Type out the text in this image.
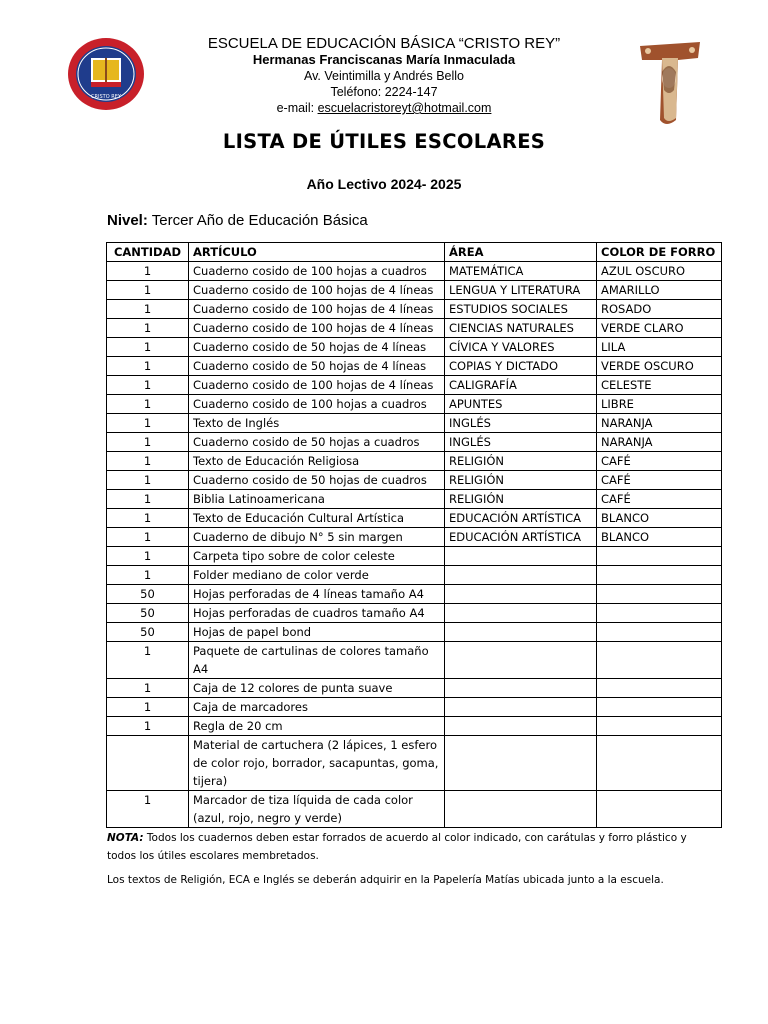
CRISTO REY
ESCUELA DE EDUCACIÓN BÁSICA “CRISTO REY”
Hermanas Franciscanas María Inmaculada
Av. Veintimilla y Andrés Bello
Teléfono: 2224-147
e-mail: escuelacristoreyt@hotmail.com
LISTA DE ÚTILES ESCOLARES
Año Lectivo 2024- 2025
Nivel: Tercer Año de Educación Básica
CANTIDAD	ARTÍCULO	ÁREA	COLOR DE FORRO
1	Cuaderno cosido de 100 hojas a cuadros	MATEMÁTICA	AZUL OSCURO
1	Cuaderno cosido de 100 hojas de 4 líneas	LENGUA Y LITERATURA	AMARILLO
1	Cuaderno cosido de 100 hojas de 4 líneas	ESTUDIOS SOCIALES	ROSADO
1	Cuaderno cosido de 100 hojas de 4 líneas	CIENCIAS NATURALES	VERDE CLARO
1	Cuaderno cosido de 50 hojas de 4 líneas	CÍVICA Y VALORES	LILA
1	Cuaderno cosido de 50 hojas de 4 líneas	COPIAS Y DICTADO	VERDE OSCURO
1	Cuaderno cosido de 100 hojas de 4 líneas	CALIGRAFÍA	CELESTE
1	Cuaderno cosido de 100 hojas a cuadros	APUNTES	LIBRE
1	Texto de Inglés	INGLÉS	NARANJA
1	Cuaderno cosido de 50 hojas a cuadros	INGLÉS	NARANJA
1	Texto de Educación Religiosa	RELIGIÓN	CAFÉ
1	Cuaderno cosido de 50 hojas de cuadros	RELIGIÓN	CAFÉ
1	Biblia Latinoamericana	RELIGIÓN	CAFÉ
1	Texto de Educación Cultural Artística	EDUCACIÓN ARTÍSTICA	BLANCO
1	Cuaderno de dibujo N° 5 sin margen	EDUCACIÓN ARTÍSTICA	BLANCO
1	Carpeta tipo sobre de color celeste		
1	Folder mediano de color verde		
50	Hojas perforadas de 4 líneas tamaño A4		
50	Hojas perforadas de cuadros tamaño A4		
50	Hojas de papel bond		
1	Paquete de cartulinas de colores tamaño A4		
1	Caja de 12 colores de punta suave		
1	Caja de marcadores		
1	Regla de 20 cm		
	Material de cartuchera (2 lápices, 1 esfero de color rojo, borrador, sacapuntas, goma, tijera)		
1	Marcador de tiza líquida de cada color (azul, rojo, negro y verde)		

NOTA: Todos los cuadernos deben estar forrados de acuerdo al color indicado, con carátulas y forro plástico y todos los útiles escolares membretados.

Los textos de Religión, ECA e Inglés se deberán adquirir en la Papelería Matías ubicada junto a la escuela.
